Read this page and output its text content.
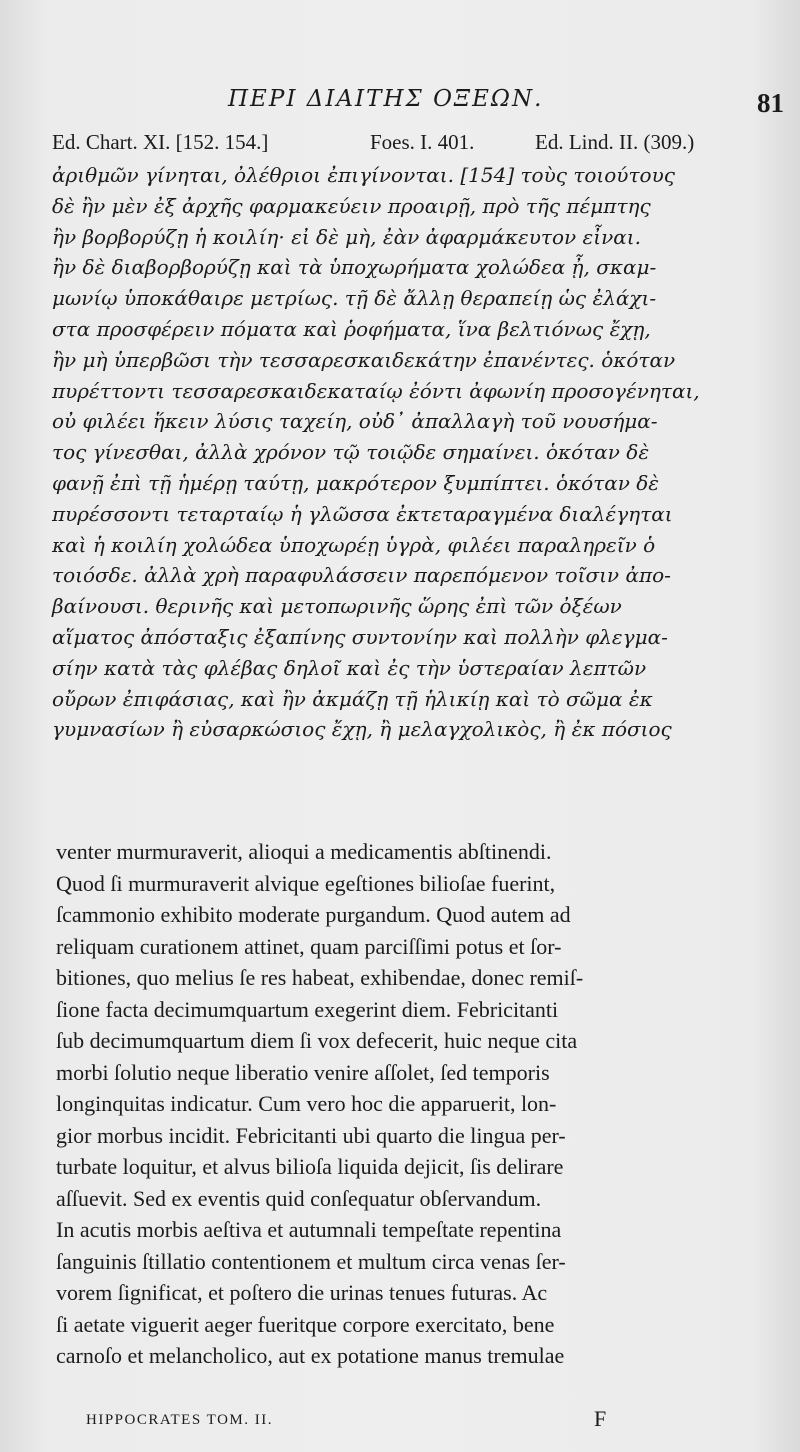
ΠΕΡΙ ΔΙΑΙΤΗΣ ΟΞΕΩΝ.	81
Ed. Chart. XI. [152. 154.]	Foes. I. 401.	Ed. Lind. II. (309.)
ἀριθμῶν γίνηται, ὀλέθριοι ἐπιγίνονται. [154] τοὺς τοιούτους
δὲ ἢν μὲν ἐξ ἀρχῆς φαρμακεύειν προαιρῇ, πρὸ τῆς πέμπτης
ἢν βορβορύζῃ ἡ κοιλίη· εἰ δὲ μὴ, ἐὰν ἀφαρμάκευτον εἶναι.
ἢν δὲ διαβορβορύζῃ καὶ τὰ ὑποχωρήματα χολώδεα ᾖ, σκαμ-
μωνίῳ ὑποκάθαιρε μετρίως. τῇ δὲ ἄλλῃ θεραπείῃ ὡς ἐλάχι-
στα προσφέρειν πόματα καὶ ῥοφήματα, ἵνα βελτιόνως ἔχῃ,
ἢν μὴ ὑπερβῶσι τὴν τεσσαρεσκαιδεκάτην ἐπανέντες. ὁκόταν
πυρέττοντι τεσσαρεσκαιδεκαταίῳ ἐόντι ἀφωνίη προσογένηται,
οὐ φιλέει ἥκειν λύσις ταχείη, οὐδ᾽ ἀπαλλαγὴ τοῦ νουσήμα-
τος γίνεσθαι, ἀλλὰ χρόνον τῷ τοιῷδε σημαίνει. ὁκόταν δὲ
φανῇ ἐπὶ τῇ ἡμέρῃ ταύτῃ, μακρότερον ξυμπίπτει. ὁκόταν δὲ
πυρέσσοντι τεταρταίῳ ἡ γλῶσσα ἐκτεταραγμένα διαλέγηται
καὶ ἡ κοιλίη χολώδεα ὑποχωρέῃ ὑγρὰ, φιλέει παραληρεῖν ὁ
τοιόσδε. ἀλλὰ χρὴ παραφυλάσσειν παρεπόμενον τοῖσιν ἀπο-
βαίνουσι. θερινῆς καὶ μετοπωρινῆς ὥρης ἐπὶ τῶν ὀξέων
αἵματος ἀπόσταξις ἐξαπίνης συντονίην καὶ πολλὴν φλεγμα-
σίην κατὰ τὰς φλέβας δηλοῖ καὶ ἐς τὴν ὑστεραίαν λεπτῶν
οὔρων ἐπιφάσιας, καὶ ἢν ἀκμάζῃ τῇ ἡλικίῃ καὶ τὸ σῶμα ἐκ
γυμνασίων ἢ εὐσαρκώσιος ἔχῃ, ἢ μελαγχολικὸς, ἢ ἐκ πόσιος
venter murmuraverit, alioqui a medicamentis abſtinendi.
Quod ſi murmuraverit alvique egeſtiones bilioſae fuerint,
ſcammonio exhibito moderate purgandum. Quod autem ad
reliquam curationem attinet, quam parciſſimi potus et ſor-
bitiones, quo melius ſe res habeat, exhibendae, donec remiſ-
ſione facta decimumquartum exegerint diem. Febricitanti
ſub decimumquartum diem ſi vox defecerit, huic neque cita
morbi ſolutio neque liberatio venire aſſolet, ſed temporis
longinquitas indicatur. Cum vero hoc die apparuerit, lon-
gior morbus incidit. Febricitanti ubi quarto die lingua per-
turbate loquitur, et alvus bilioſa liquida dejicit, ſis delirare
aſſuevit. Sed ex eventis quid conſequatur obſervandum.
In acutis morbis aeſtiva et autumnali tempeſtate repentina
ſanguinis ſtillatio contentionem et multum circa venas ſer-
vorem ſignificat, et poſtero die urinas tenues futuras. Ac
ſi aetate viguerit aeger fueritque corpore exercitato, bene
carnoſo et melancholico, aut ex potatione manus tremulae
HIPPOCRATES TOM. II.	F
